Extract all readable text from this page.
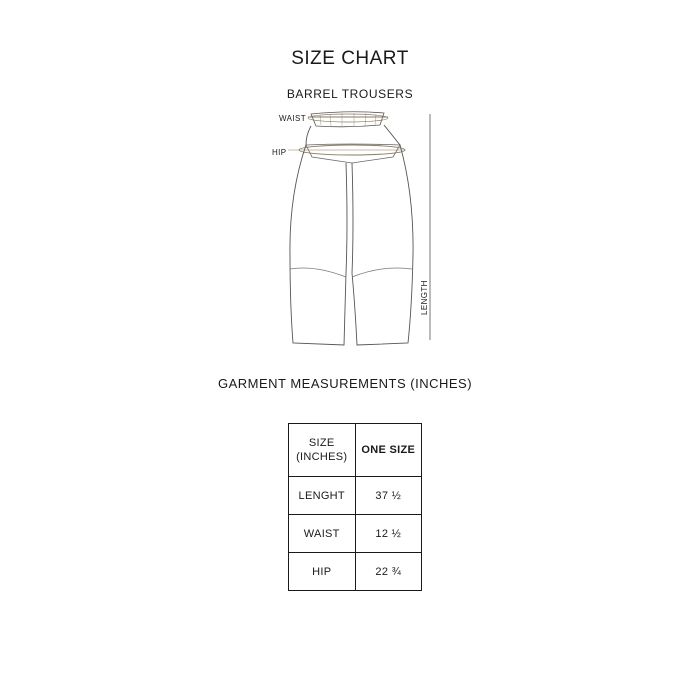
SIZE CHART
BARREL TROUSERS
WAIST
HIP
LENGTH
GARMENT MEASUREMENTS (INCHES)
SIZE
(INCHES)	ONE SIZE
LENGHT	37 ½
WAIST	12 ½
HIP	22 ¾
